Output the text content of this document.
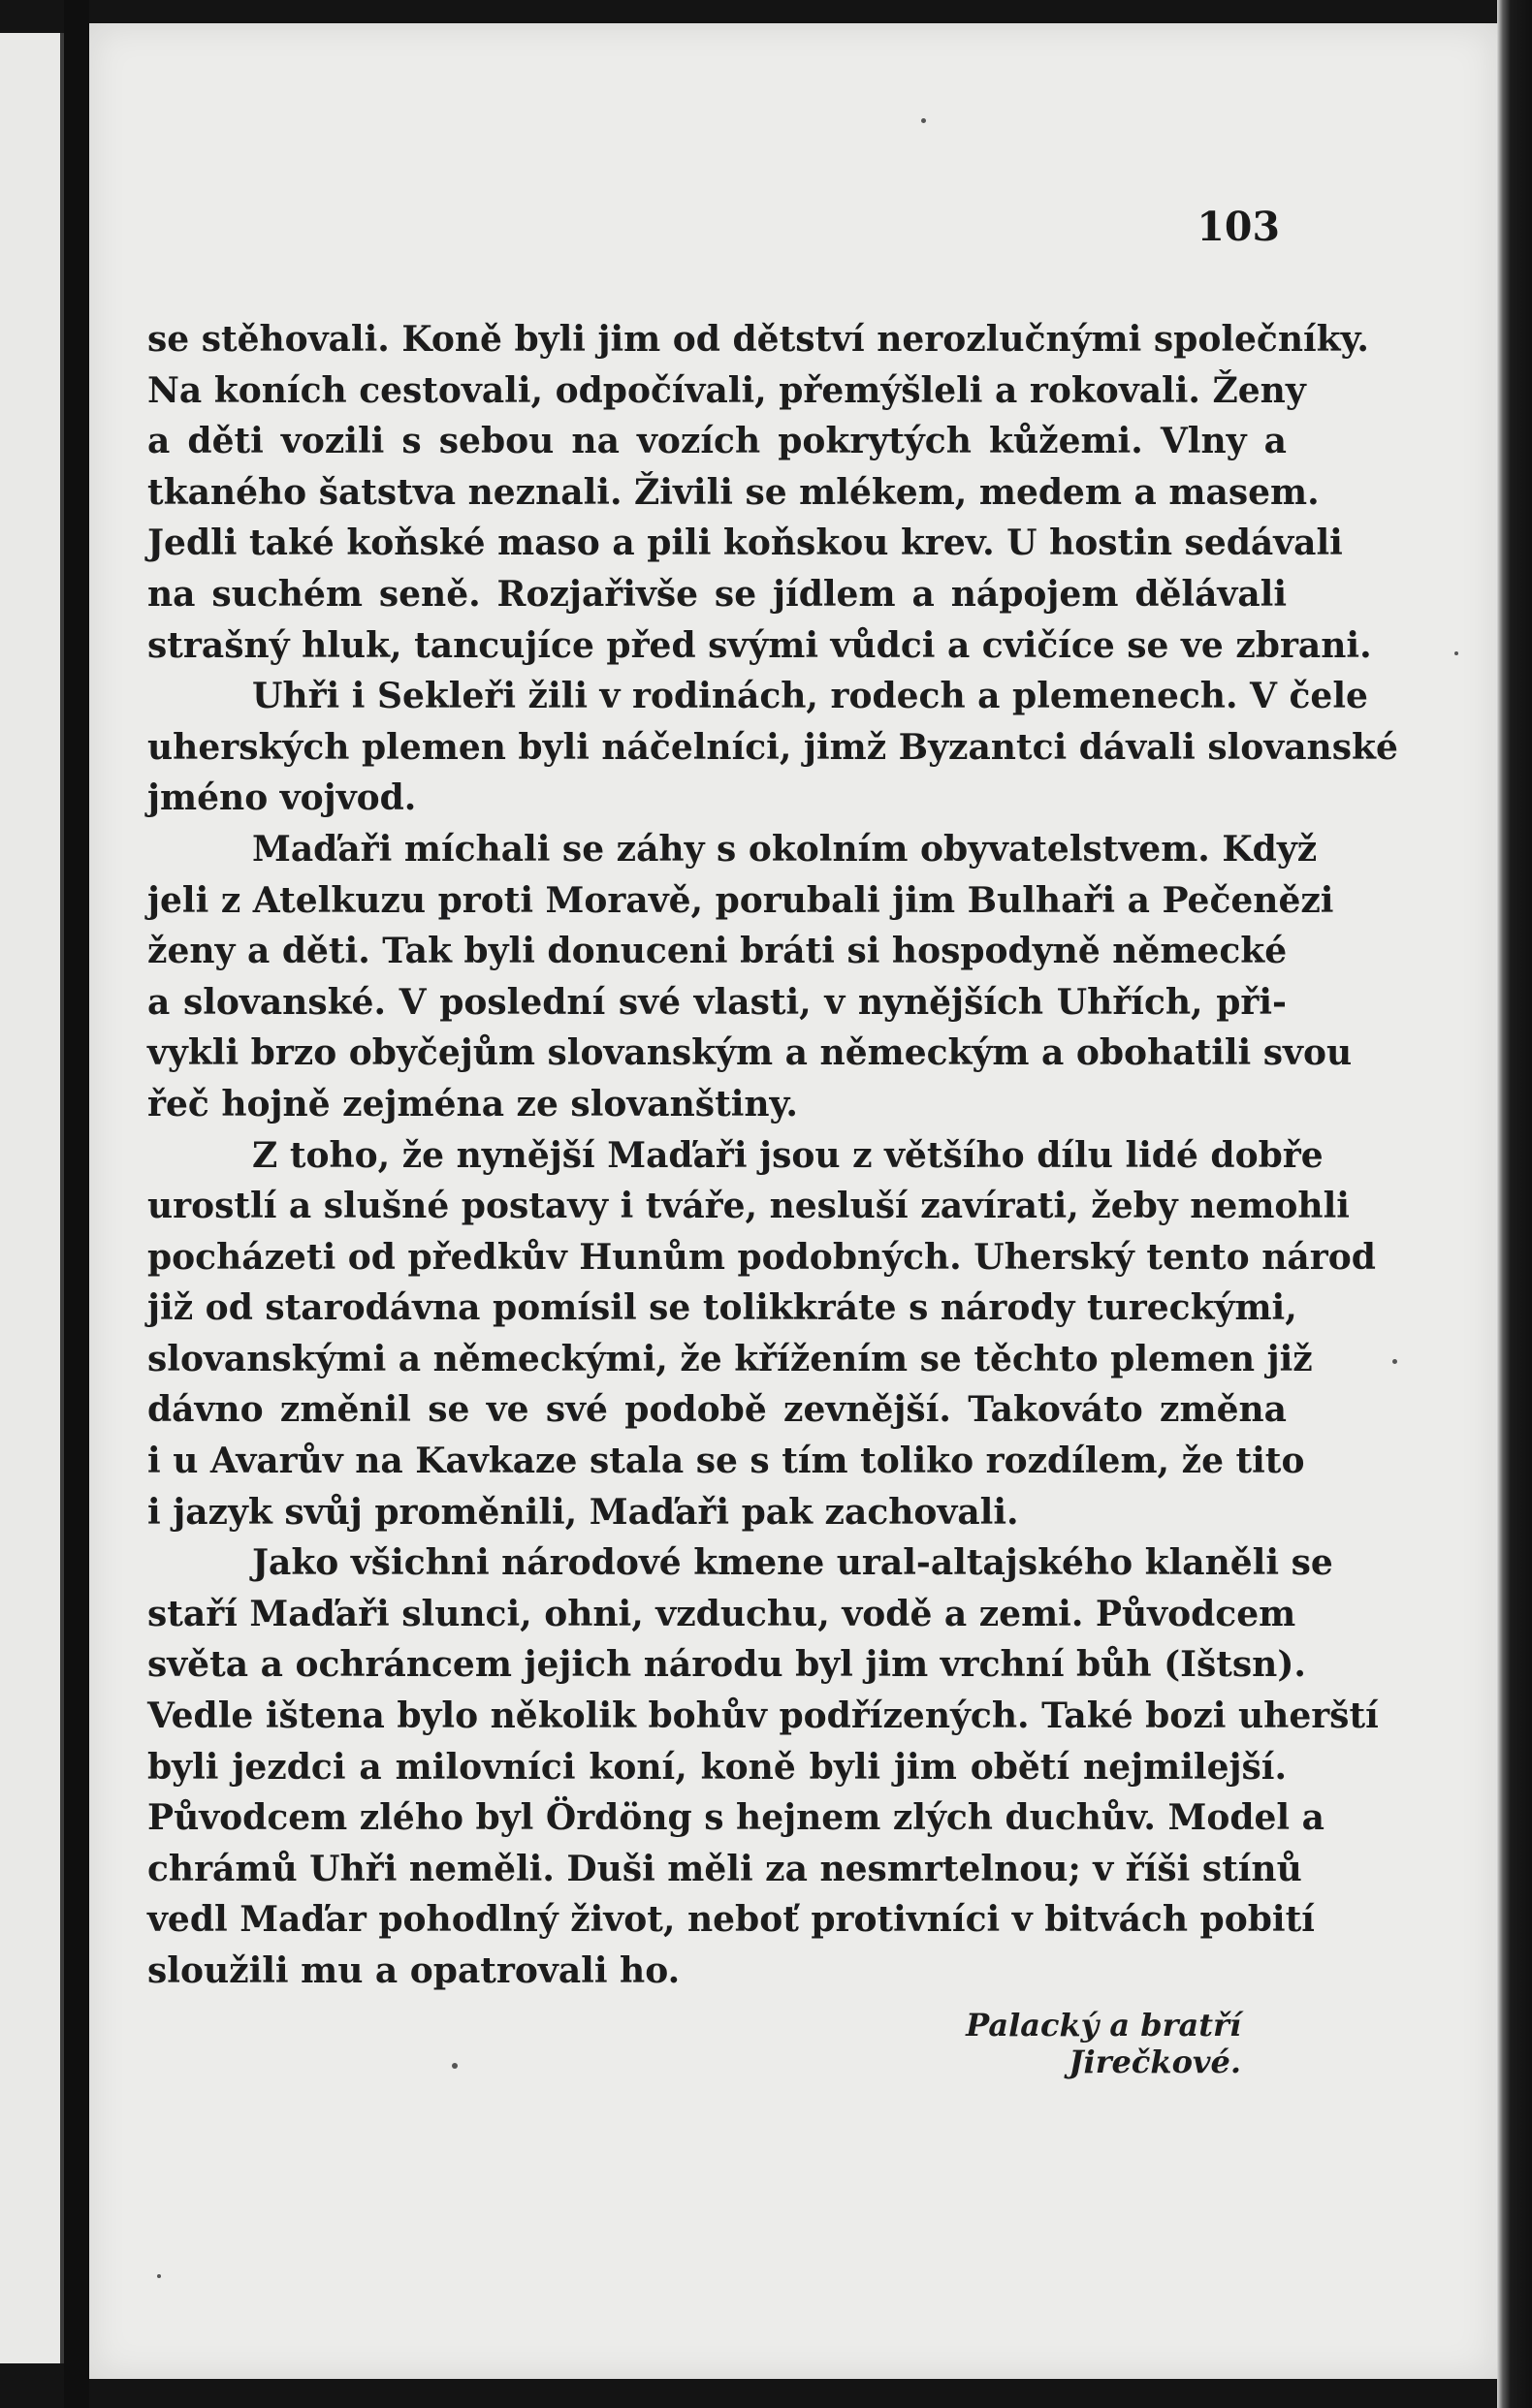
103

se stěhovali. Koně byli jim od dětství nerozlučnými společníky.
Na koních cestovali, odpočívali, přemýšleli a rokovali. Ženy
a děti vozili s sebou na vozích pokrytých kůžemi. Vlny a
tkaného šatstva neznali. Živili se mlékem, medem a masem.
Jedli také koňské maso a pili koňskou krev. U hostin sedávali
na suchém seně. Rozjařivše se jídlem a nápojem dělávali
strašný hluk, tancujíce před svými vůdci a cvičíce se ve zbrani.
Uhři i Sekleři žili v rodinách, rodech a plemenech. V čele
uherských plemen byli náčelníci, jimž Byzantci dávali slovanské
jméno vojvod.
Maďaři míchali se záhy s okolním obyvatelstvem. Když
jeli z Atelkuzu proti Moravě, porubali jim Bulhaři a Pečenězi
ženy a děti. Tak byli donuceni bráti si hospodyně německé
a slovanské. V poslední své vlasti, v nynějších Uhřích, při-
vykli brzo obyčejům slovanským a německým a obohatili svou
řeč hojně zejména ze slovanštiny.
Z toho, že nynější Maďaři jsou z většího dílu lidé dobře
urostlí a slušné postavy i tváře, nesluší zavírati, žeby nemohli
pocházeti od předkův Hunům podobných. Uherský tento národ
již od starodávna pomísil se tolikkráte s národy tureckými,
slovanskými a německými, že křížením se těchto plemen již
dávno změnil se ve své podobě zevnější. Takováto změna
i u Avarův na Kavkaze stala se s tím toliko rozdílem, že tito
i jazyk svůj proměnili, Maďaři pak zachovali.
Jako všichni národové kmene ural-altajského klaněli se
staří Maďaři slunci, ohni, vzduchu, vodě a zemi. Původcem
světa a ochráncem jejich národu byl jim vrchní bůh (Ištsn).
Vedle ištena bylo několik bohův podřízených. Také bozi uherští
byli jezdci a milovníci koní, koně byli jim obětí nejmilejší.
Původcem zlého byl Ördöng s hejnem zlých duchův. Model a
chrámů Uhři neměli. Duši měli za nesmrtelnou; v říši stínů
vedl Maďar pohodlný život, neboť protivníci v bitvách pobití
sloužili mu a opatrovali ho.

Palacký a bratří Jirečkové.
